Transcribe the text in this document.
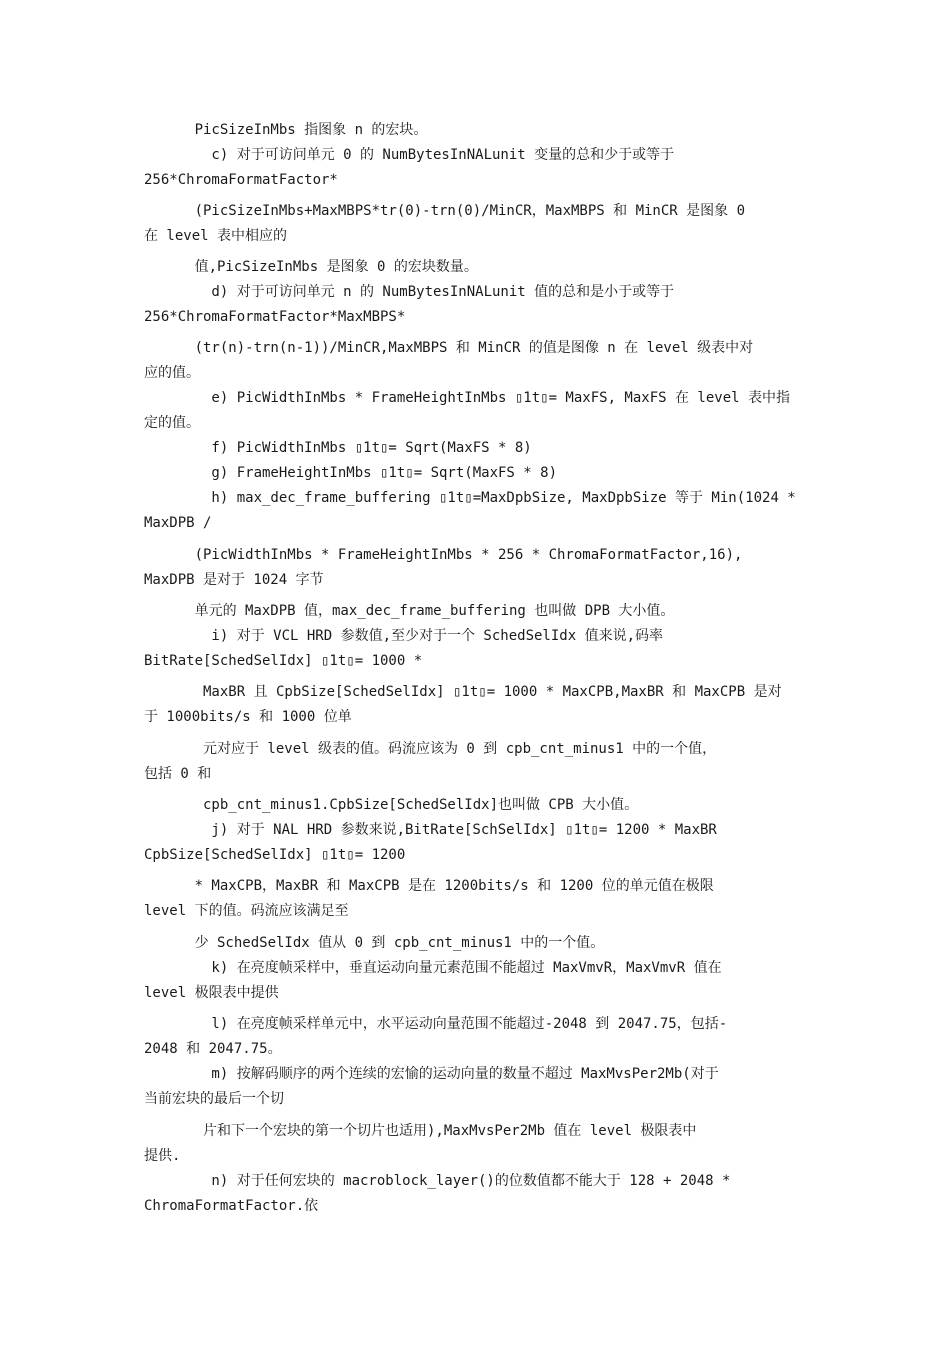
PicSizeInMbs 指图象 n 的宏块。
c) 对于可访问单元 0 的 NumBytesInNALunit 变量的总和少于或等于
256*ChromaFormatFactor*
(PicSizeInMbs+MaxMBPS*tr(0)-trn(0)/MinCR，MaxMBPS 和 MinCR 是图象 0
在 level 表中相应的
值,PicSizeInMbs 是图象 0 的宏块数量。
d) 对于可访问单元 n 的 NumBytesInNALunit 值的总和是小于或等于
256*ChromaFormatFactor*MaxMBPS*
(tr(n)-trn(n-1))/MinCR,MaxMBPS 和 MinCR 的值是图像 n 在 level 级表中对
应的值。
e) PicWidthInMbs * FrameHeightInMbs ▯1t▯= MaxFS, MaxFS 在 level 表中指
定的值。
f) PicWidthInMbs ▯1t▯= Sqrt(MaxFS * 8)
g) FrameHeightInMbs ▯1t▯= Sqrt(MaxFS * 8)
h) max_dec_frame_buffering ▯1t▯=MaxDpbSize, MaxDpbSize 等于 Min(1024 *
MaxDPB /
(PicWidthInMbs * FrameHeightInMbs * 256 * ChromaFormatFactor,16),
MaxDPB 是对于 1024 字节
单元的 MaxDPB 值，max_dec_frame_buffering 也叫做 DPB 大小值。
i) 对于 VCL HRD 参数值,至少对于一个 SchedSelIdx 值来说,码率
BitRate[SchedSelIdx] ▯1t▯= 1000 *
MaxBR 且 CpbSize[SchedSelIdx] ▯1t▯= 1000 * MaxCPB,MaxBR 和 MaxCPB 是对
于 1000bits/s 和 1000 位单
元对应于 level 级表的值。码流应该为 0 到 cpb_cnt_minus1 中的一个值，
包括 0 和
cpb_cnt_minus1.CpbSize[SchedSelIdx]也叫做 CPB 大小值。
j) 对于 NAL HRD 参数来说,BitRate[SchSelIdx] ▯1t▯= 1200 * MaxBR
CpbSize[SchedSelIdx] ▯1t▯= 1200
* MaxCPB，MaxBR 和 MaxCPB 是在 1200bits/s 和 1200 位的单元值在极限
level 下的值。码流应该满足至
少 SchedSelIdx 值从 0 到 cpb_cnt_minus1 中的一个值。
k) 在亮度帧采样中，垂直运动向量元素范围不能超过 MaxVmvR，MaxVmvR 值在
level 极限表中提供
l) 在亮度帧采样单元中，水平运动向量范围不能超过-2048 到 2047.75，包括-
2048 和 2047.75。
m) 按解码顺序的两个连续的宏愉的运动向量的数量不超过 MaxMvsPer2Mb(对于
当前宏块的最后一个切
片和下一个宏块的第一个切片也适用),MaxMvsPer2Mb 值在 level 极限表中
提供.
n) 对于任何宏块的 macroblock_layer()的位数值都不能大于 128 + 2048 *
ChromaFormatFactor.依
